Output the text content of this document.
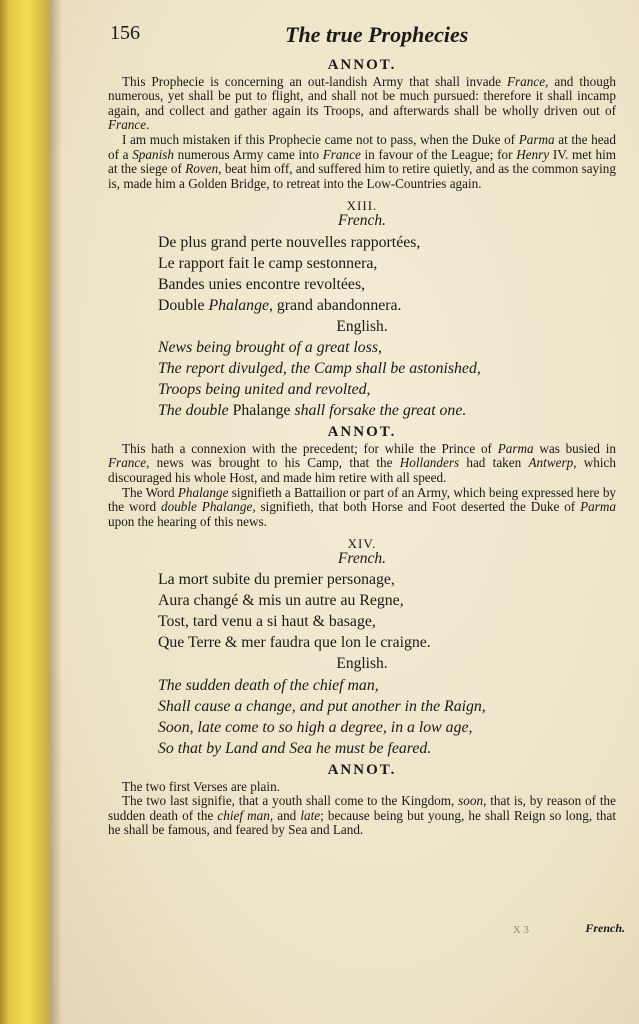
156	The true Prophecies
ANNOT.

This Prophecie is concerning an out-landish Army that shall invade France, and though numerous, yet shall be put to flight, and shall not be much pursued: therefore it shall incamp again, and collect and gather again its Troops, and afterwards shall be wholly driven out of France.

I am much mistaken if this Prophecie came not to pass, when the Duke of Parma at the head of a Spanish numerous Army came into France in favour of the League; for Henry IV. met him at the siege of Roven, beat him off, and suffered him to retire quietly, and as the common saying is, made him a Golden Bridge, to retreat into the Low-Countries again.

XIII.
French.
De plus grand perte nouvelles rapportées,
Le rapport fait le camp sestonnera,
Bandes unies encontre revoltées,
Double Phalange, grand abandonnera.
English.
News being brought of a great loss,
The report divulged, the Camp shall be astonished,
Troops being united and revolted,
The double Phalange shall forsake the great one.
ANNOT.

This hath a connexion with the precedent; for while the Prince of Parma was busied in France, news was brought to his Camp, that the Hollanders had taken Antwerp, which discouraged his whole Host, and made him retire with all speed.

The Word Phalange signifieth a Battailion or part of an Army, which being expressed here by the word double Phalange, signifieth, that both Horse and Foot deserted the Duke of Parma upon the hearing of this news.

XIV.
French.
La mort subite du premier personage,
Aura changé & mis un autre au Regne,
Tost, tard venu a si haut & basage,
Que Terre & mer faudra que lon le craigne.
English.
The sudden death of the chief man,
Shall cause a change, and put another in the Raign,
Soon, late come to so high a degree, in a low age,
So that by Land and Sea he must be feared.
ANNOT.

The two first Verses are plain.

The two last signifie, that a youth shall come to the Kingdom, soon, that is, by reason of the sudden death of the chief man, and late; because being but young, he shall Reign so long, that he shall be famous, and feared by Sea and Land.

X 3	French.
